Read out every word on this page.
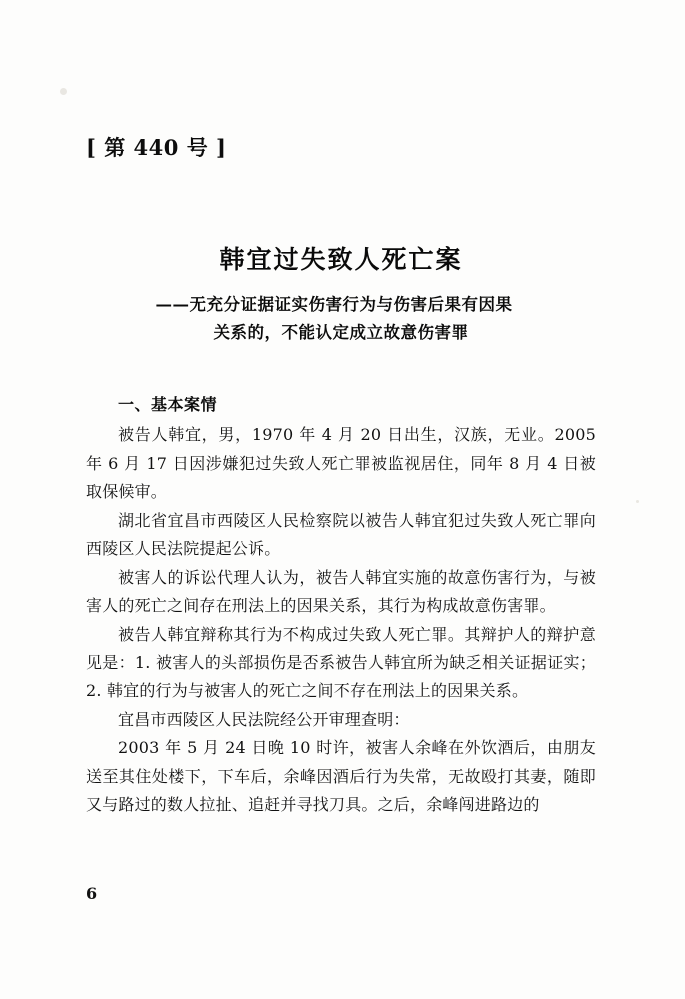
[ 第 440 号 ]
韩宜过失致人死亡案
——无充分证据证实伤害行为与伤害后果有因果
关系的，不能认定成立故意伤害罪
一、基本案情

被告人韩宜，男，1970 年 4 月 20 日出生，汉族，无业。2005 年 6 月 17 日因涉嫌犯过失致人死亡罪被监视居住，同年 8 月 4 日被取保候审。

湖北省宜昌市西陵区人民检察院以被告人韩宜犯过失致人死亡罪向西陵区人民法院提起公诉。

被害人的诉讼代理人认为，被告人韩宜实施的故意伤害行为，与被害人的死亡之间存在刑法上的因果关系，其行为构成故意伤害罪。

被告人韩宜辩称其行为不构成过失致人死亡罪。其辩护人的辩护意见是：1. 被害人的头部损伤是否系被告人韩宜所为缺乏相关证据证实；2. 韩宜的行为与被害人的死亡之间不存在刑法上的因果关系。

宜昌市西陵区人民法院经公开审理查明：

2003 年 5 月 24 日晚 10 时许，被害人余峰在外饮酒后，由朋友送至其住处楼下，下车后，余峰因酒后行为失常，无故殴打其妻，随即又与路过的数人拉扯、追赶并寻找刀具。之后，余峰闯进路边的

6
